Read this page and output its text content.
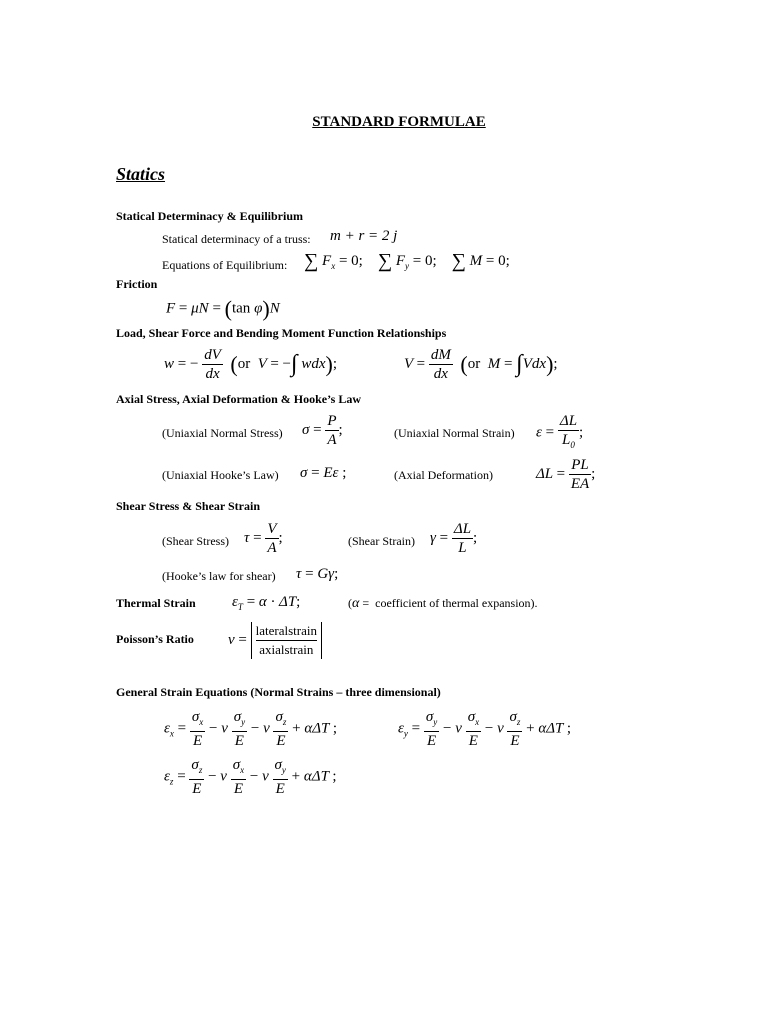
STANDARD FORMULAE
Statics
Statical Determinacy & Equilibrium
Statical determinacy of a truss: m + r = 2 j
Equations of Equilibrium: ∑ $F_x = 0$; ∑ $F_y = 0$; ∑ M = 0;
Friction
F = μN = (tan φ)N
Load, Shear Force and Bending Moment Function Relationships
w = − $\frac{dV}{dx} (or$  V = −∫ wdx);	$V = \frac{dM}{dx} (or$  M = ∫Vdx);
Axial Stress, Axial Deformation & Hooke’s Law
(Uniaxial Normal Stress) $\sigma = \frac{P}{A}$ ;	(Uniaxial Normal Strain) $\varepsilon = \frac{\Delta L}{L_0}$ ;
(Uniaxial Hooke’s Law) σ = Eε ;	(Axial Deformation)	$\Delta L = \frac{PL}{EA}$ ;
Shear Stress & Shear Strain
(Shear Stress) $\tau = \frac{V}{A}$ ;	(Shear Strain) $\gamma = \frac{\Delta L}{L}$ ;
(Hooke’s law for shear) τ = Gγ;
Thermal Strain $\varepsilon_T = \alpha \cdot \Delta T$;	(α =  coefficient of thermal expansion).
Poisson’s Ratio ν =
lateralstrain
axialstrain
General Strain Equations (Normal Strains – three dimensional)
$\varepsilon_x = \frac{\sigma_x}{E} - \nu \frac{\sigma_y}{E} - \nu \frac{\sigma_z}{E} + \alpha\Delta T$ ;	$\varepsilon_y = \frac{\sigma_y}{E} - \nu \frac{\sigma_x}{E} - \nu \frac{\sigma_z}{E} + \alpha\Delta T$ ;
$\varepsilon_z = \frac{\sigma_z}{E} - \nu \frac{\sigma_x}{E} - \nu \frac{\sigma_y}{E} + \alpha\Delta T$ ;
